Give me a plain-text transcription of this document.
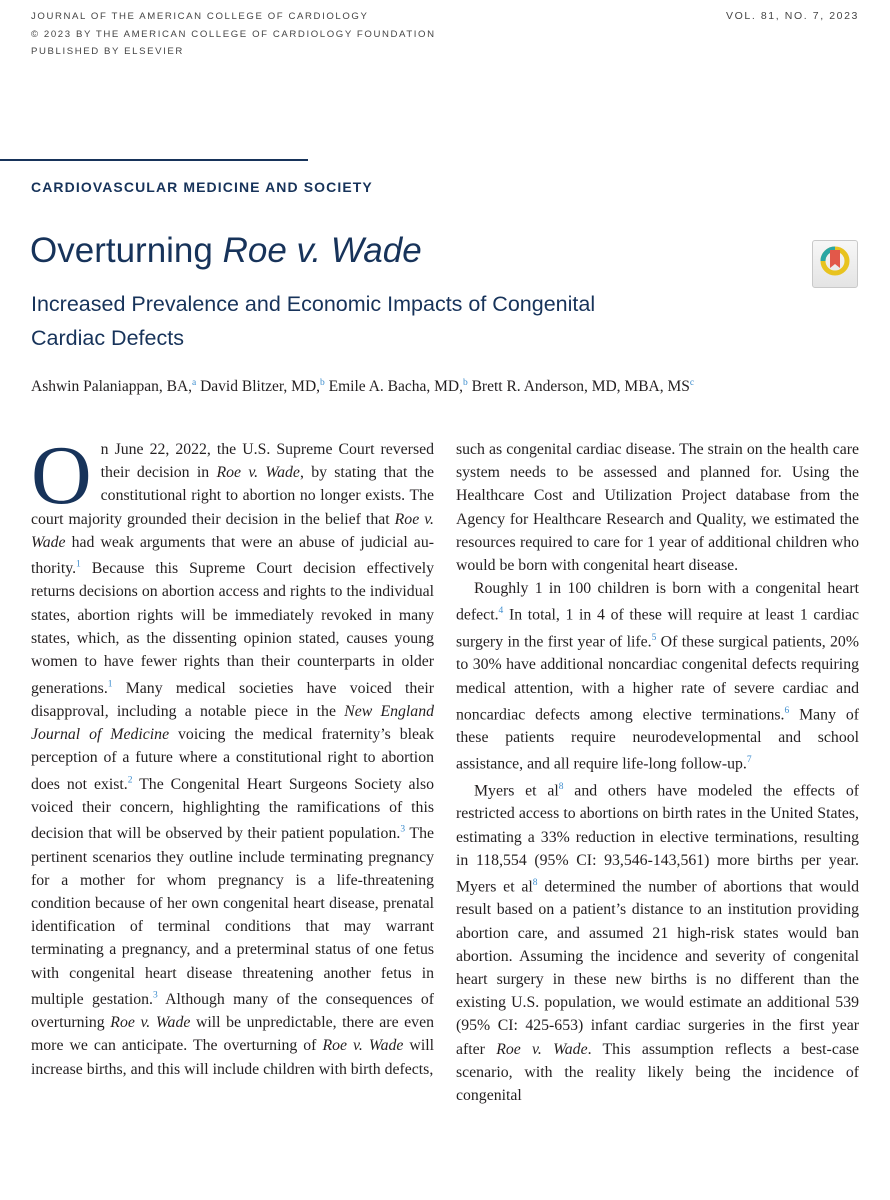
JOURNAL OF THE AMERICAN COLLEGE OF CARDIOLOGY
© 2023 BY THE AMERICAN COLLEGE OF CARDIOLOGY FOUNDATION
PUBLISHED BY ELSEVIER
VOL. 81, NO. 7, 2023
CARDIOVASCULAR MEDICINE AND SOCIETY
Overturning Roe v. Wade
Increased Prevalence and Economic Impacts of Congenital Cardiac Defects
Ashwin Palaniappan, BA,$^a$ David Blitzer, MD,$^b$ Emile A. Bacha, MD,$^b$ Brett R. Anderson, MD, MBA, $MS^c$

On June 22, 2022, the U.S. Supreme Court reversed their decision in Roe v. Wade, by stating that the constitutional right to abortion no longer exists. The court majority grounded their decision in the belief that Roe v. Wade had weak arguments that were an abuse of judicial authority.$^1$ Because this Supreme Court decision effectively returns decisions on abortion access and rights to the individual states, abortion rights will be immediately revoked in many states, which, as the dissenting opinion stated, causes young women to have fewer rights than their counterparts in older generations.$^1$ Many medical societies have voiced their disapproval, including a notable piece in the New England Journal of Medicine voicing the medical fraternity’s bleak perception of a future where a constitutional right to abortion does not exist.$^2$ The Congenital Heart Surgeons Society also voiced their concern, highlighting the ramifications of this decision that will be observed by their patient population.$^3$ The pertinent scenarios they outline include terminating pregnancy for a mother for whom pregnancy is a life-threatening condition because of her own congenital heart disease, prenatal identification of terminal conditions that may warrant terminating a pregnancy, and a preterminal status of one fetus with congenital heart disease threatening another fetus in multiple gestation.$^3$ Although many of the consequences of overturning Roe v. Wade will be unpredictable, there are even more we can anticipate. The overturning of Roe v. Wade will increase births, and this will include children with birth defects,

such as congenital cardiac disease. The strain on the health care system needs to be assessed and planned for. Using the Healthcare Cost and Utilization Project database from the Agency for Healthcare Research and Quality, we estimated the resources required to care for 1 year of additional children who would be born with congenital heart disease.

Roughly 1 in 100 children is born with a congenital heart defect.$^4$ In total, 1 in 4 of these will require at least 1 cardiac surgery in the first year of life.$^5$ Of these surgical patients, 20% to 30% have additional noncardiac congenital defects requiring medical attention, with a higher rate of severe cardiac and noncardiac defects among elective terminations.$^6$ Many of these patients require neurodevelopmental and school assistance, and all require life-long follow-up.$^7$

Myers et $al^8$ and others have modeled the effects of restricted access to abortions on birth rates in the United States, estimating a 33% reduction in elective terminations, resulting in 118,554 (95% CI: 93,546-143,561) more births per year. Myers et $al^8$ determined the number of abortions that would result based on a patient’s distance to an institution providing abortion care, and assumed 21 high-risk states would ban abortion. Assuming the incidence and severity of congenital heart surgery in these new births is no different than the existing U.S. population, we would estimate an additional 539 (95% CI: 425-653) infant cardiac surgeries in the first year after Roe v. Wade. This assumption reflects a best-case scenario, with the reality likely being the incidence of congenital
